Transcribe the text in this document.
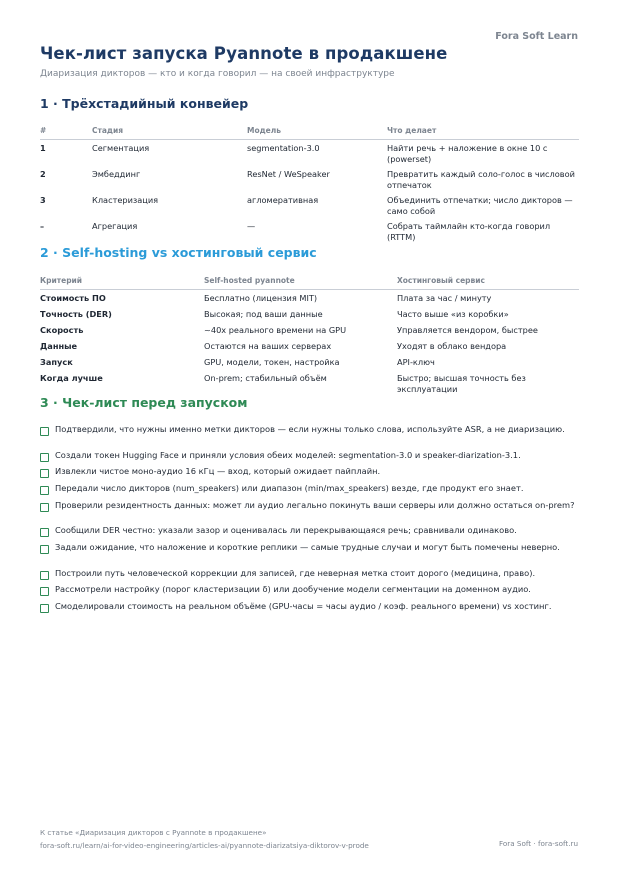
Fora Soft Learn
Чек-лист запуска Pyannote в продакшене
Диаризация дикторов — кто и когда говорил — на своей инфраструктуре
1 · Трёхстадийный конвейер
#	Стадия	Модель	Что делает
1	Сегментация	segmentation-3.0	Найти речь + наложение в окне 10 с (powerset)
2	Эмбеддинг	ResNet / WeSpeaker	Превратить каждый соло-голос в числовой отпечаток
3	Кластеризация	агломеративная	Объединить отпечатки; число дикторов — само собой
–	Агрегация	—	Собрать таймлайн кто-когда говорил (RTTM)
2 · Self-hosting vs хостинговый сервис
Критерий	Self-hosted pyannote	Хостинговый сервис
Стоимость ПО	Бесплатно (лицензия MIT)	Плата за час / минуту
Точность (DER)	Высокая; под ваши данные	Часто выше «из коробки»
Скорость	~40x реального времени на GPU	Управляется вендором, быстрее
Данные	Остаются на ваших серверах	Уходят в облако вендора
Запуск	GPU, модели, токен, настройка	API-ключ
Когда лучше	On-prem; стабильный объём	Быстро; высшая точность без эксплуатации
3 · Чек-лист перед запуском
Подтвердили, что нужны именно метки дикторов — если нужны только слова, используйте ASR, а не диаризацию.
Создали токен Hugging Face и приняли условия обеих моделей: segmentation-3.0 и speaker-diarization-3.1.
Извлекли чистое моно-аудио 16 кГц — вход, который ожидает пайплайн.
Передали число дикторов (num_speakers) или диапазон (min/max_speakers) везде, где продукт его знает.
Проверили резидентность данных: может ли аудио легально покинуть ваши серверы или должно остаться on-prem?
Сообщили DER честно: указали зазор и оценивалась ли перекрывающаяся речь; сравнивали одинаково.
Задали ожидание, что наложение и короткие реплики — самые трудные случаи и могут быть помечены неверно.
Построили путь человеческой коррекции для записей, где неверная метка стоит дорого (медицина, право).
Рассмотрели настройку (порог кластеризации δ) или дообучение модели сегментации на доменном аудио.
Смоделировали стоимость на реальном объёме (GPU-часы = часы аудио / коэф. реального времени) vs хостинг.
К статье «Диаризация дикторов с Pyannote в продакшене»
fora-soft.ru/learn/ai-for-video-engineering/articles-ai/pyannote-diarizatsiya-diktorov-v-prode	Fora Soft · fora-soft.ru
